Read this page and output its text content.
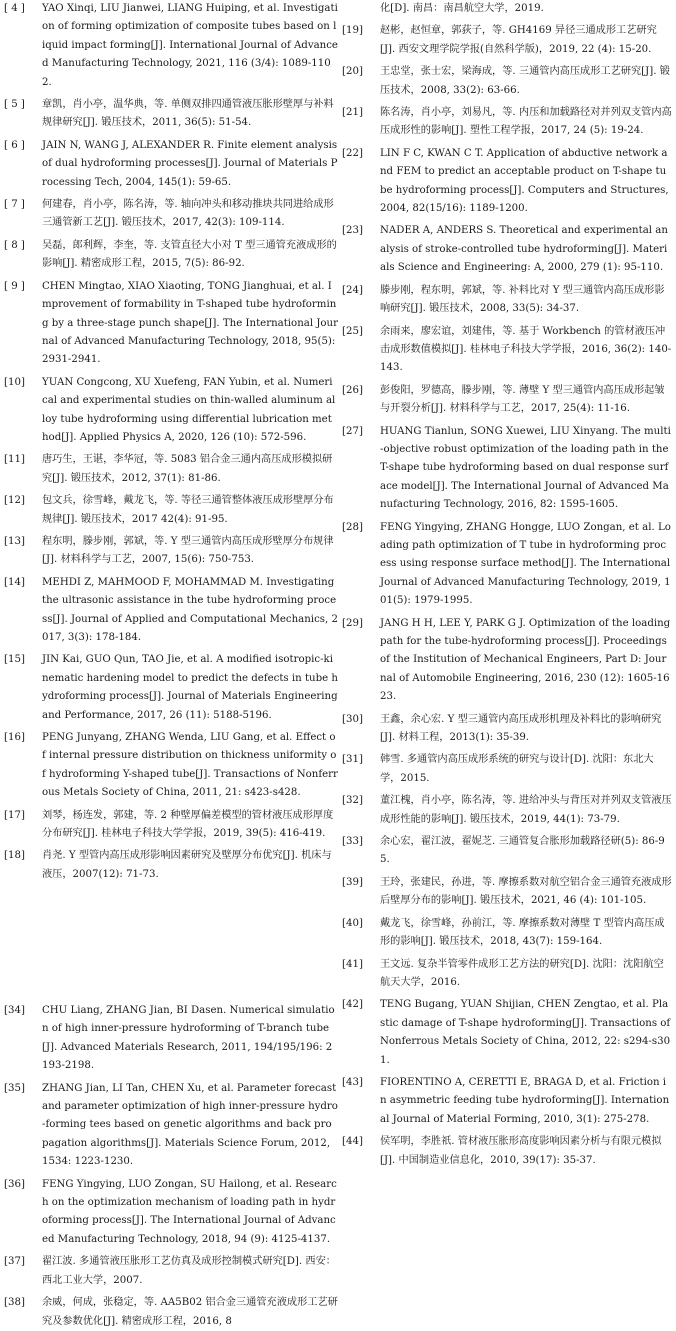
[ 4 ]	YAO Xinqi, LIU Jianwei, LIANG Huiping, et al. Investigation of forming optimization of composite tubes based on liquid impact forming[J]. International Journal of Advanced Manufacturing Technology, 2021, 116 (3/4): 1089-1102.
[ 5 ]	章凯，肖小亭，温华典，等. 单侧双排四通管液压胀形壁厚与补料规律研究[J]. 锻压技术，2011, 36(5): 51-54.
[ 6 ]	JAIN N, WANG J, ALEXANDER R. Finite element analysis of dual hydroforming processes[J]. Journal of Materials Processing Tech, 2004, 145(1): 59-65.
[ 7 ]	何建春，肖小亭，陈名涛，等. 轴向冲头和移动推块共同进给成形三通管新工艺[J]. 锻压技术，2017, 42(3): 109-114.
[ 8 ]	吴磊，郎利辉，李奎，等. 支管直径大小对 T 型三通管充液成形的影响[J]. 精密成形工程，2015, 7(5): 86-92.
[ 9 ]	CHEN Mingtao, XIAO Xiaoting, TONG Jianghuai, et al. Improvement of formability in T-shaped tube hydroforming by a three-stage punch shape[J]. The International Journal of Advanced Manufacturing Technology, 2018, 95(5): 2931-2941.
[10]	YUAN Congcong, XU Xuefeng, FAN Yubin, et al. Numerical and experimental studies on thin-walled aluminum alloy tube hydroforming using differential lubrication method[J]. Applied Physics A, 2020, 126 (10): 572-596.
[11]	唐巧生，王谌，李华冠，等. 5083 铝合金三通内高压成形模拟研究[J]. 锻压技术，2012, 37(1): 81-86.
[12]	包文兵，徐雪峰，戴龙飞，等. 等径三通管整体液压成形壁厚分布规律[J]. 锻压技术，2017 42(4): 91-95.
[13]	程东明，滕步刚，郭斌，等. Y 型三通管内高压成形壁厚分布规律[J]. 材料科学与工艺，2007, 15(6): 750-753.
[14]	MEHDI Z, MAHMOOD F, MOHAMMAD M. Investigating the ultrasonic assistance in the tube hydroforming process[J]. Journal of Applied and Computational Mechanics, 2017, 3(3): 178-184.
[15]	JIN Kai, GUO Qun, TAO Jie, et al. A modified isotropic-kinematic hardening model to predict the defects in tube hydroforming process[J]. Journal of Materials Engineering and Performance, 2017, 26 (11): 5188-5196.
[16]	PENG Junyang, ZHANG Wenda, LIU Gang, et al. Effect of internal pressure distribution on thickness uniformity of hydroforming Y-shaped tube[J]. Transactions of Nonferrous Metals Society of China, 2011, 21: s423-s428.
[17]	刘琴，杨连发，郭建，等. 2 种壁厚偏差模型的管材液压成形厚度分布研究[J]. 桂林电子科技大学学报，2019, 39(5): 416-419.
[18]	肖尧. Y 型管内高压成形影响因素研究及壁厚分布优究[J]. 机床与液压，2007(12): 71-73.
化[D]. 南昌：南昌航空大学，2019.
[19]	赵彬，赵恒章，郭荻子，等. GH4169 异径三通成形工艺研究[J]. 西安文理学院学报(自然科学版)，2019, 22 (4): 15-20.
[20]	王忠堂，张士宏，梁海成，等. 三通管内高压成形工艺研究[J]. 锻压技术，2008, 33(2): 63-66.
[21]	陈名涛，肖小亭，刘易凡，等. 内压和加载路径对并列双支管内高压成形性的影响[J]. 塑性工程学报，2017, 24 (5): 19-24.
[22]	LIN F C, KWAN C T. Application of abductive network and FEM to predict an acceptable product on T-shape tube hydroforming process[J]. Computers and Structures, 2004, 82(15/16): 1189-1200.
[23]	NADER A, ANDERS S. Theoretical and experimental analysis of stroke-controlled tube hydroforming[J]. Materials Science and Engineering: A, 2000, 279 (1): 95-110.
[24]	滕步刚，程东明，郭斌，等. 补料比对 Y 型三通管内高压成形影响研究[J]. 锻压技术，2008, 33(5): 34-37.
[25]	余雨来，廖宏谊，刘建伟，等. 基于 Workbench 的管材液压冲击成形数值模拟[J]. 桂林电子科技大学学报，2016, 36(2): 140-143.
[26]	彭俊阳，罗德高，滕步刚，等. 薄壁 Y 型三通管内高压成形起皱与开裂分析[J]. 材料科学与工艺，2017, 25(4): 11-16.
[27]	HUANG Tianlun, SONG Xuewei, LIU Xinyang. The multi-objective robust optimization of the loading path in the T-shape tube hydroforming based on dual response surface model[J]. The International Journal of Advanced Manufacturing Technology, 2016, 82: 1595-1605.
[28]	FENG Yingying, ZHANG Hongge, LUO Zongan, et al. Loading path optimization of T tube in hydroforming process using response surface method[J]. The International Journal of Advanced Manufacturing Technology, 2019, 101(5): 1979-1995.
[29]	JANG H H, LEE Y, PARK G J. Optimization of the loading path for the tube-hydroforming process[J]. Proceedings of the Institution of Mechanical Engineers, Part D: Journal of Automobile Engineering, 2016, 230 (12): 1605-1623.
[30]	王鑫，余心宏. Y 型三通管内高压成形机理及补料比的影响研究[J]. 材料工程，2013(1): 35-39.
[31]	韩雪. 多通管内高压成形系统的研究与设计[D]. 沈阳：东北大学，2015.
[32]	董江槐，肖小亭，陈名涛，等. 进给冲头与背压对并列双支管液压成形性能的影响[J]. 锻压技术，2019, 44(1): 73-79.
[33]	余心宏，翟江波，翟妮芝. 三通管复合胀形加载路径研(5): 86-95.
[39]	王玲，张建民，孙进，等. 摩擦系数对航空铝合金三通管充液成形后壁厚分布的影响[J]. 锻压技术，2021, 46 (4): 101-105.
[40]	戴龙飞，徐雪峰，孙前江，等. 摩擦系数对薄壁 T 型管内高压成形的影响[J]. 锻压技术，2018, 43(7): 159-164.
[41]	王文远. 复杂半管零件成形工艺方法的研究[D]. 沈阳：沈阳航空航天大学，2016.
[42]	TENG Bugang, YUAN Shijian, CHEN Zengtao, et al. Plastic damage of T-shape hydroforming[J]. Transactions of Nonferrous Metals Society of China, 2012, 22: s294-s301.
[43]	FIORENTINO A, CERETTI E, BRAGA D, et al. Friction in asymmetric feeding tube hydroforming[J]. International Journal of Material Forming, 2010, 3(1): 275-278.
[44]	侯军明，李胜祇. 管材液压胀形高度影响因素分析与有限元模拟[J]. 中国制造业信息化，2010, 39(17): 35-37.
[34]	CHU Liang, ZHANG Jian, BI Dasen. Numerical simulation of high inner-pressure hydroforming of T-branch tube[J]. Advanced Materials Research, 2011, 194/195/196: 2193-2198.
[35]	ZHANG Jian, LI Tan, CHEN Xu, et al. Parameter forecast and parameter optimization of high inner-pressure hydro-forming tees based on genetic algorithms and back propagation algorithms[J]. Materials Science Forum, 2012, 1534: 1223-1230.
[36]	FENG Yingying, LUO Zongan, SU Hailong, et al. Research on the optimization mechanism of loading path in hydroforming process[J]. The International Journal of Advanced Manufacturing Technology, 2018, 94 (9): 4125-4137.
[37]	翟江波. 多通管液压胀形工艺仿真及成形控制模式研究[D]. 西安：西北工业大学，2007.
[38]	余威，何成，张稳定，等. AA5B02 铝合金三通管充液成形工艺研究及参数优化[J]. 精密成形工程，2016, 8
